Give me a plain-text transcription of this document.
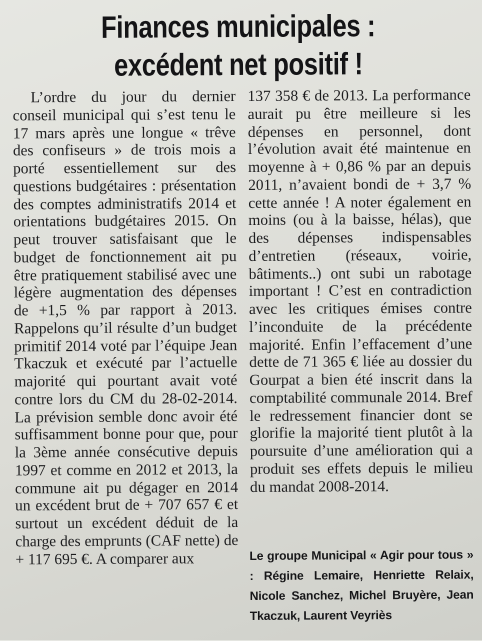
Finances municipales :
excédent net positif !

L’ordre du jour du dernier conseil municipal qui s’est tenu le 17 mars après une longue « trêve des confiseurs » de trois mois a porté essentiellement sur des questions budgétaires : présentation des comptes administratifs 2014 et orientations budgétaires 2015. On peut trouver satisfaisant que le budget de fonctionnement ait pu être pratiquement stabilisé avec une légère augmentation des dépenses de +1,5 % par rapport à 2013. Rappelons qu’il résulte d’un budget primitif 2014 voté par l’équipe Jean Tkaczuk et exécuté par l’actuelle majorité qui pourtant avait voté contre lors du CM du 28-02-2014. La prévision semble donc avoir été suffisamment bonne pour que, pour la 3ème année consécutive depuis 1997 et comme en 2012 et 2013, la commune ait pu dégager en 2014 un excédent brut de + 707 657 € et surtout un excédent déduit de la charge des emprunts (CAF nette) de + 117 695 €. A comparer aux

137 358 € de 2013. La performance aurait pu être meilleure si les dépenses en personnel, dont l’évolution avait été maintenue en moyenne à + 0,86 % par an depuis 2011, n’avaient bondi de + 3,7 % cette année ! A noter également en moins (ou à la baisse, hélas), que des dépenses indispensables d’entretien (réseaux, voirie, bâtiments..) ont subi un rabotage important ! C’est en contradiction avec les critiques émises contre l’inconduite de la précédente majorité. Enfin l’effacement d’une dette de 71 365 € liée au dossier du Gourpat a bien été inscrit dans la comptabilité communale 2014. Bref le redressement financier dont se glorifie la majorité tient plutôt à la poursuite d’une amélioration qui a produit ses effets depuis le milieu du mandat 2008-2014.

Le groupe Municipal « Agir pour tous » : Régine Lemaire, Henriette Relaix, Nicole Sanchez, Michel Bruyère, Jean Tkaczuk, Laurent Veyriès
